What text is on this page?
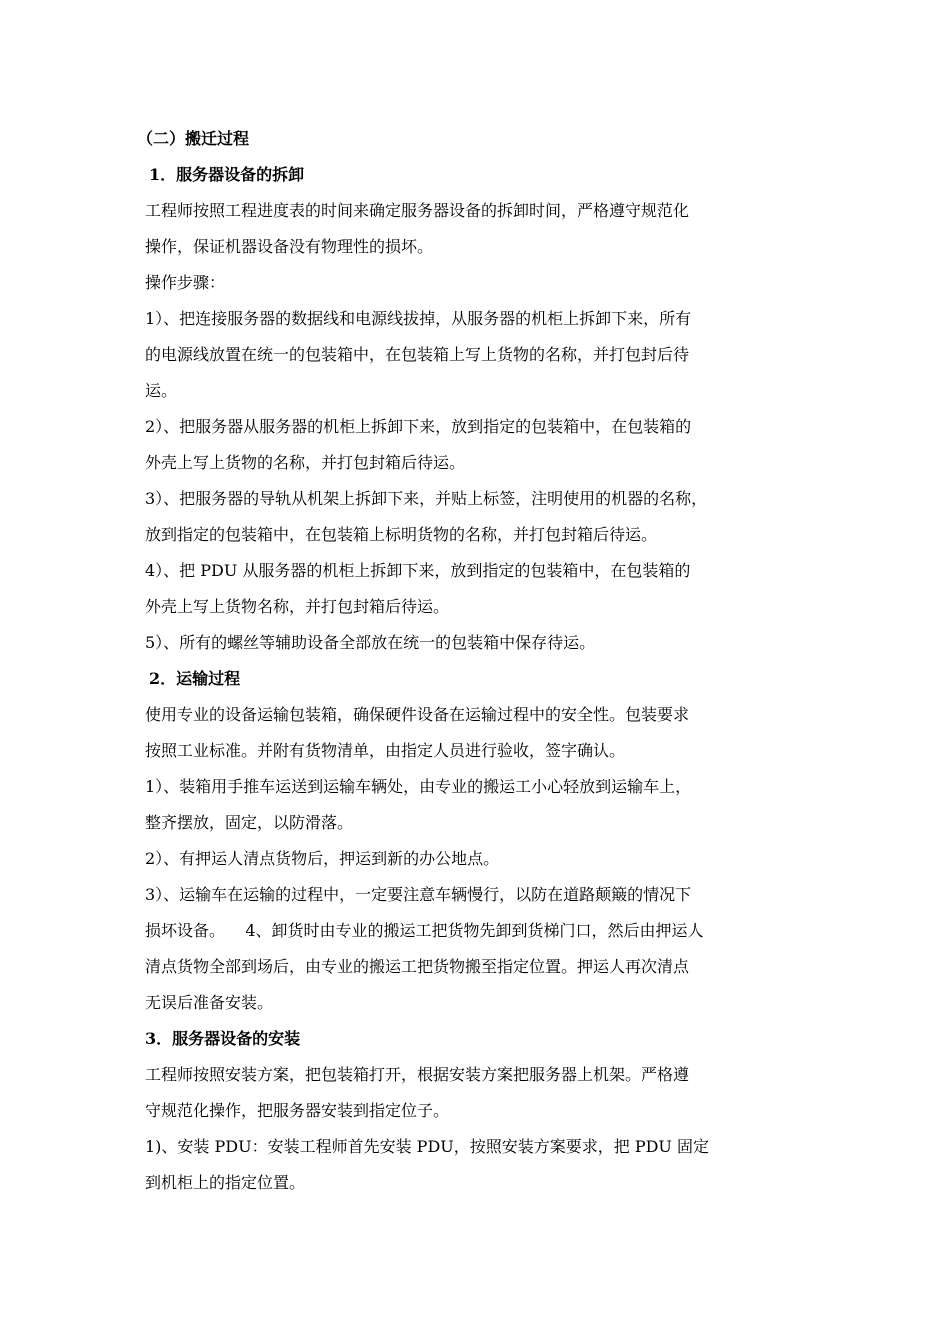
（二）搬迁过程
1．服务器设备的拆卸
工程师按照工程进度表的时间来确定服务器设备的拆卸时间，严格遵守规范化
操作，保证机器设备没有物理性的损坏。
操作步骤：
1）、把连接服务器的数据线和电源线拔掉，从服务器的机柜上拆卸下来，所有
的电源线放置在统一的包装箱中，在包装箱上写上货物的名称，并打包封后待
运。
2）、把服务器从服务器的机柜上拆卸下来，放到指定的包装箱中，在包装箱的
外壳上写上货物的名称，并打包封箱后待运。
3）、把服务器的导轨从机架上拆卸下来，并贴上标签，注明使用的机器的名称，
放到指定的包装箱中，在包装箱上标明货物的名称，并打包封箱后待运。
4）、把 PDU 从服务器的机柜上拆卸下来，放到指定的包装箱中，在包装箱的
外壳上写上货物名称，并打包封箱后待运。
5）、所有的螺丝等辅助设备全部放在统一的包装箱中保存待运。
2．运输过程
使用专业的设备运输包装箱，确保硬件设备在运输过程中的安全性。包装要求
按照工业标准。并附有货物清单，由指定人员进行验收，签字确认。
1）、装箱用手推车运送到运输车辆处，由专业的搬运工小心轻放到运输车上，
整齐摆放，固定，以防滑落。
2）、有押运人清点货物后，押运到新的办公地点。
3）、运输车在运输的过程中，一定要注意车辆慢行，以防在道路颠簸的情况下
损坏设备。    4、卸货时由专业的搬运工把货物先卸到货梯门口，然后由押运人
清点货物全部到场后，由专业的搬运工把货物搬至指定位置。押运人再次清点
无误后准备安装。
3．服务器设备的安装
工程师按照安装方案，把包装箱打开，根据安装方案把服务器上机架。严格遵
守规范化操作，把服务器安装到指定位子。
1)、安装 PDU：安装工程师首先安装 PDU，按照安装方案要求，把 PDU 固定
到机柜上的指定位置。
